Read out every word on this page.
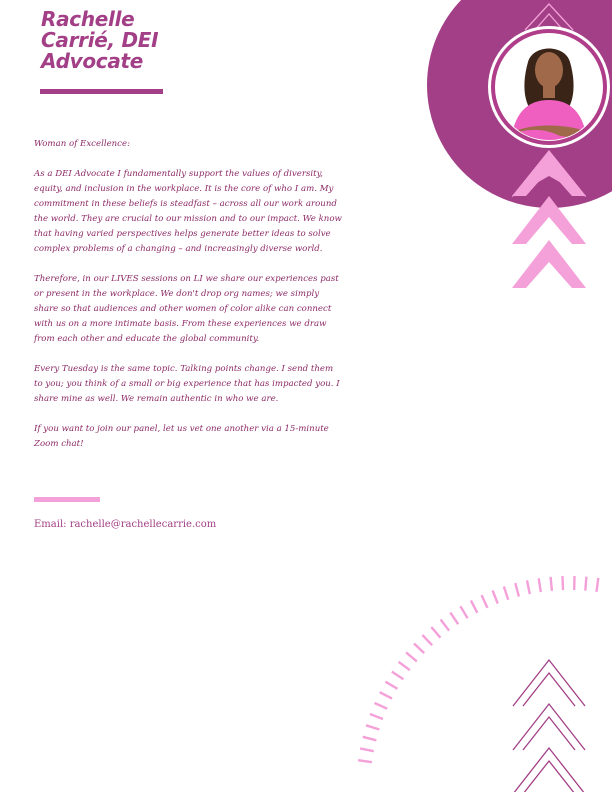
Rachelle
Carrié, DEI
Advocate

Woman of Excellence:

As a DEI Advocate I fundamentally support the values of diversity, equity, and inclusion in the workplace. It is the core of who I am. My commitment in these beliefs is steadfast – across all our work around the world. They are crucial to our mission and to our impact. We know that having varied perspectives helps generate better ideas to solve complex problems of a changing – and increasingly diverse world.

Therefore, in our LIVES sessions on LI we share our experiences past or present in the workplace. We don't drop org names; we simply share so that audiences and other women of color alike can connect with us on a more intimate basis. From these experiences we draw from each other and educate the global community.

Every Tuesday is the same topic. Talking points change. I send them to you; you think of a small or big experience that has impacted you. I share mine as well. We remain authentic in who we are.

If you want to join our panel, let us vet one another via a 15-minute Zoom chat!

Email: rachelle@rachellecarrie.com
